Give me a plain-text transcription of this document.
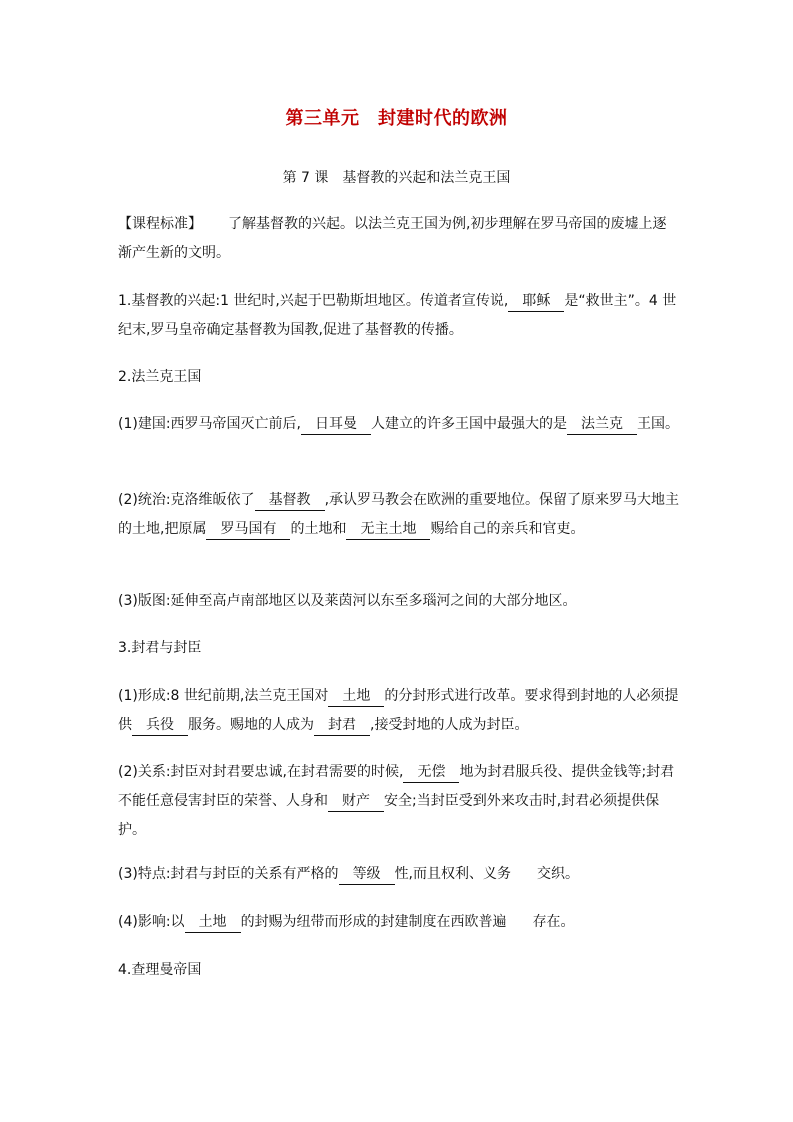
第三单元　封建时代的欧洲
第 7 课　基督教的兴起和法兰克王国
【课程标准】 了解基督教的兴起。以法兰克王国为例,初步理解在罗马帝国的废墟上逐渐产生新的文明。
1.基督教的兴起:1 世纪时,兴起于巴勒斯坦地区。传道者宣传说, 耶稣 是“救世主”。4 世纪末,罗马皇帝确定基督教为国教,促进了基督教的传播。
2.法兰克王国
(1)建国:西罗马帝国灭亡前后, 日耳曼 人建立的许多王国中最强大的是 法兰克 王国。
(2)统治:克洛维皈依了 基督教 ,承认罗马教会在欧洲的重要地位。保留了原来罗马大地主的土地,把原属 罗马国有 的土地和 无主土地 赐给自己的亲兵和官吏。
(3)版图:延伸至高卢南部地区以及莱茵河以东至多瑙河之间的大部分地区。
3.封君与封臣
(1)形成:8 世纪前期,法兰克王国对 土地 的分封形式进行改革。要求得到封地的人必须提供 兵役 服务。赐地的人成为 封君 ,接受封地的人成为封臣。
(2)关系:封臣对封君要忠诚,在封君需要的时候, 无偿 地为封君服兵役、提供金钱等;封君不能任意侵害封臣的荣誉、人身和 财产 安全;当封臣受到外来攻击时,封君必须提供保护。
(3)特点:封君与封臣的关系有严格的 等级 性,而且权利、义务 交织。
(4)影响:以 土地 的封赐为纽带而形成的封建制度在西欧普遍 存在。
4.查理曼帝国
